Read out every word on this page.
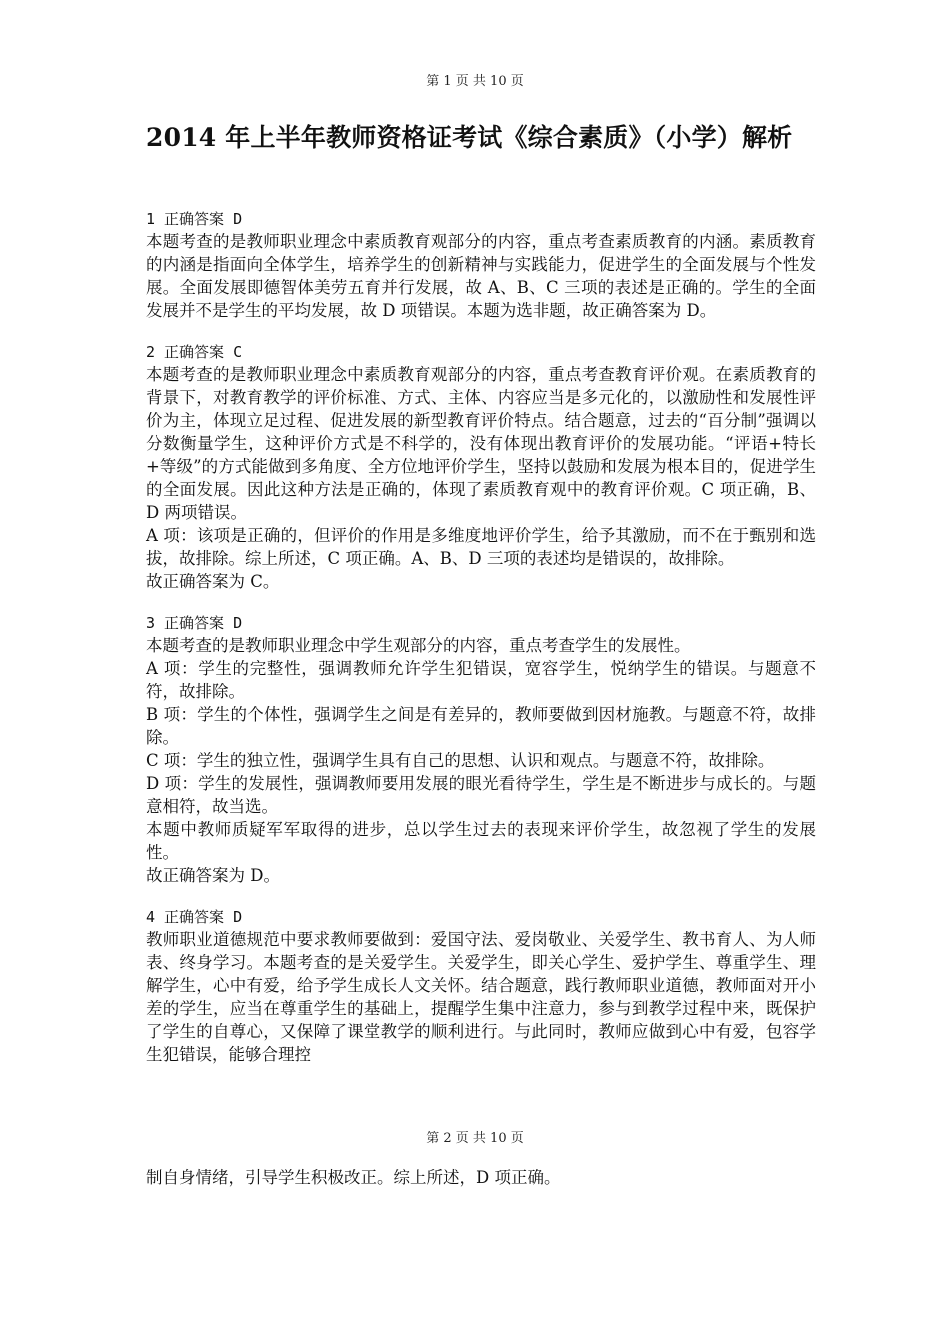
第 1 页 共 10 页
2014 年上半年教师资格证考试《综合素质》（小学）解析
1 正确答案 D
本题考查的是教师职业理念中素质教育观部分的内容，重点考查素质教育的内涵。素质教育的内涵是指面向全体学生，培养学生的创新精神与实践能力，促进学生的全面发展与个性发展。全面发展即德智体美劳五育并行发展，故 A、B、C 三项的表述是正确的。学生的全面发展并不是学生的平均发展，故 D 项错误。本题为选非题，故正确答案为 D。
2 正确答案 C
本题考查的是教师职业理念中素质教育观部分的内容，重点考查教育评价观。在素质教育的背景下，对教育教学的评价标准、方式、主体、内容应当是多元化的，以激励性和发展性评价为主，体现立足过程、促进发展的新型教育评价特点。结合题意，过去的“百分制”强调以分数衡量学生，这种评价方式是不科学的，没有体现出教育评价的发展功能。“评语+特长+等级”的方式能做到多角度、全方位地评价学生，坚持以鼓励和发展为根本目的，促进学生的全面发展。因此这种方法是正确的，体现了素质教育观中的教育评价观。C 项正确，B、D 两项错误。
A 项：该项是正确的，但评价的作用是多维度地评价学生，给予其激励，而不在于甄别和选拔，故排除。综上所述，C 项正确。A、B、D 三项的表述均是错误的，故排除。
故正确答案为 C。
3 正确答案 D
本题考查的是教师职业理念中学生观部分的内容，重点考查学生的发展性。
A 项：学生的完整性，强调教师允许学生犯错误，宽容学生，悦纳学生的错误。与题意不符，故排除。
B 项：学生的个体性，强调学生之间是有差异的，教师要做到因材施教。与题意不符，故排除。
C 项：学生的独立性，强调学生具有自己的思想、认识和观点。与题意不符，故排除。
D 项：学生的发展性，强调教师要用发展的眼光看待学生，学生是不断进步与成长的。与题意相符，故当选。
本题中教师质疑军军取得的进步，总以学生过去的表现来评价学生，故忽视了学生的发展性。
故正确答案为 D。
4 正确答案 D
教师职业道德规范中要求教师要做到：爱国守法、爱岗敬业、关爱学生、教书育人、为人师表、终身学习。本题考查的是关爱学生。关爱学生，即关心学生、爱护学生、尊重学生、理解学生，心中有爱，给予学生成长人文关怀。结合题意，践行教师职业道德，教师面对开小差的学生，应当在尊重学生的基础上，提醒学生集中注意力，参与到教学过程中来，既保护了学生的自尊心，又保障了课堂教学的顺利进行。与此同时，教师应做到心中有爱，包容学生犯错误，能够合理控
第 2 页 共 10 页
制自身情绪，引导学生积极改正。综上所述，D 项正确。
